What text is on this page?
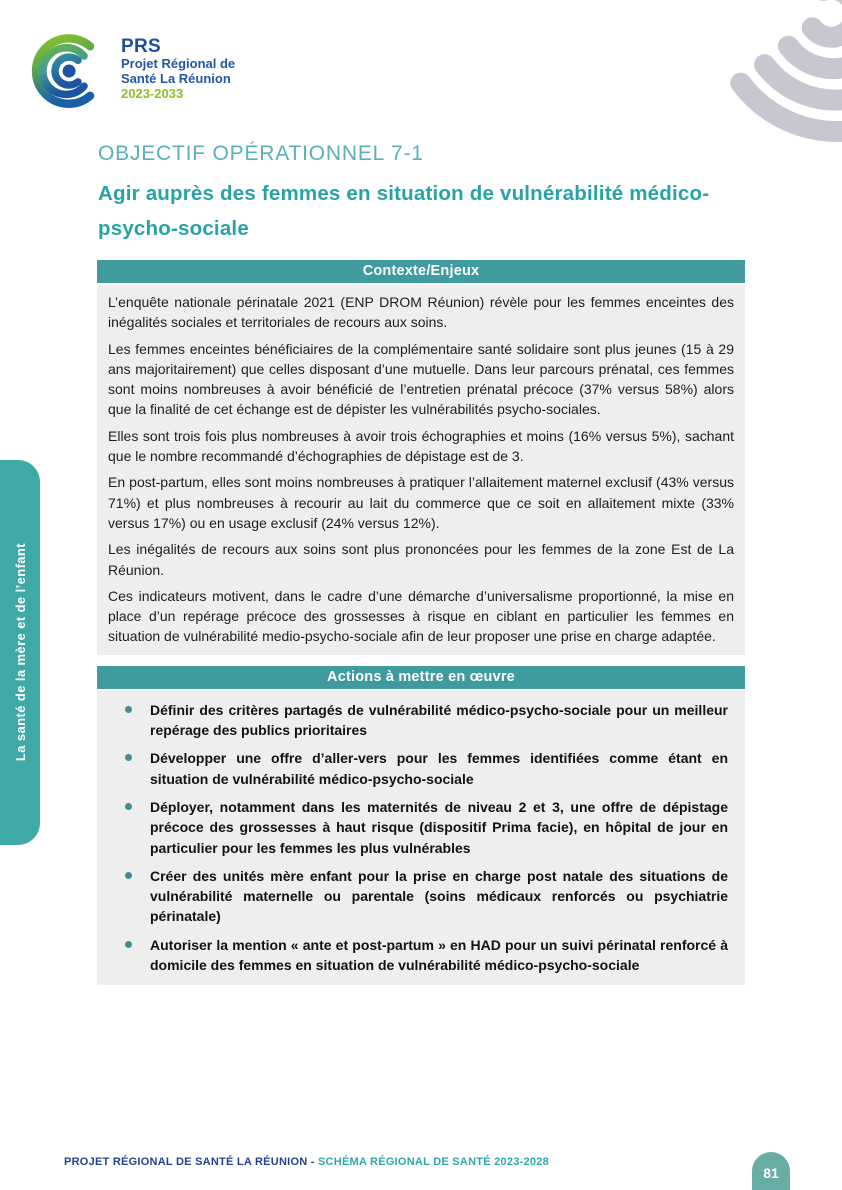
PRS
Projet Régional de
Santé La Réunion
2023-2033
OBJECTIF OPÉRATIONNEL 7-1
Agir auprès des femmes en situation de vulnérabilité médico-psycho-sociale
Contexte/Enjeux

L’enquête nationale périnatale 2021 (ENP DROM Réunion) révèle pour les femmes enceintes des inégalités sociales et territoriales de recours aux soins.

Les femmes enceintes bénéficiaires de la complémentaire santé solidaire sont plus jeunes (15 à 29 ans majoritairement) que celles disposant d’une mutuelle. Dans leur parcours prénatal, ces femmes sont moins nombreuses à avoir bénéficié de l’entretien prénatal précoce (37% versus 58%) alors que la finalité de cet échange est de dépister les vulnérabilités psycho-sociales.

Elles sont trois fois plus nombreuses à avoir trois échographies et moins (16% versus 5%), sachant que le nombre recommandé d’échographies de dépistage est de 3.

En post-partum, elles sont moins nombreuses à pratiquer l’allaitement maternel exclusif (43% versus 71%) et plus nombreuses à recourir au lait du commerce que ce soit en allaitement mixte (33% versus 17%) ou en usage exclusif (24% versus 12%).

Les inégalités de recours aux soins sont plus prononcées pour les femmes de la zone Est de La Réunion.

Ces indicateurs motivent, dans le cadre d’une démarche d’universalisme proportionné, la mise en place d’un repérage précoce des grossesses à risque en ciblant en particulier les femmes en situation de vulnérabilité medio-psycho-sociale afin de leur proposer une prise en charge adaptée.

Actions à mettre en œuvre
Définir des critères partagés de vulnérabilité médico-psycho-sociale pour un meilleur repérage des publics prioritaires
Développer une offre d’aller-vers pour les femmes identifiées comme étant en situation de vulnérabilité médico-psycho-sociale
Déployer, notamment dans les maternités de niveau 2 et 3, une offre de dépistage précoce des grossesses à haut risque (dispositif Prima facie), en hôpital de jour en particulier pour les femmes les plus vulnérables
Créer des unités mère enfant pour la prise en charge post natale des situations de vulnérabilité maternelle ou parentale (soins médicaux renforcés ou psychiatrie périnatale)
Autoriser la mention « ante et post-partum » en HAD pour un suivi périnatal renforcé à domicile des femmes en situation de vulnérabilité médico-psycho-sociale
La santé de la mère et de l’enfant
PROJET RÉGIONAL DE SANTÉ LA RÉUNION - SCHÉMA RÉGIONAL DE SANTÉ 2023-2028
81
